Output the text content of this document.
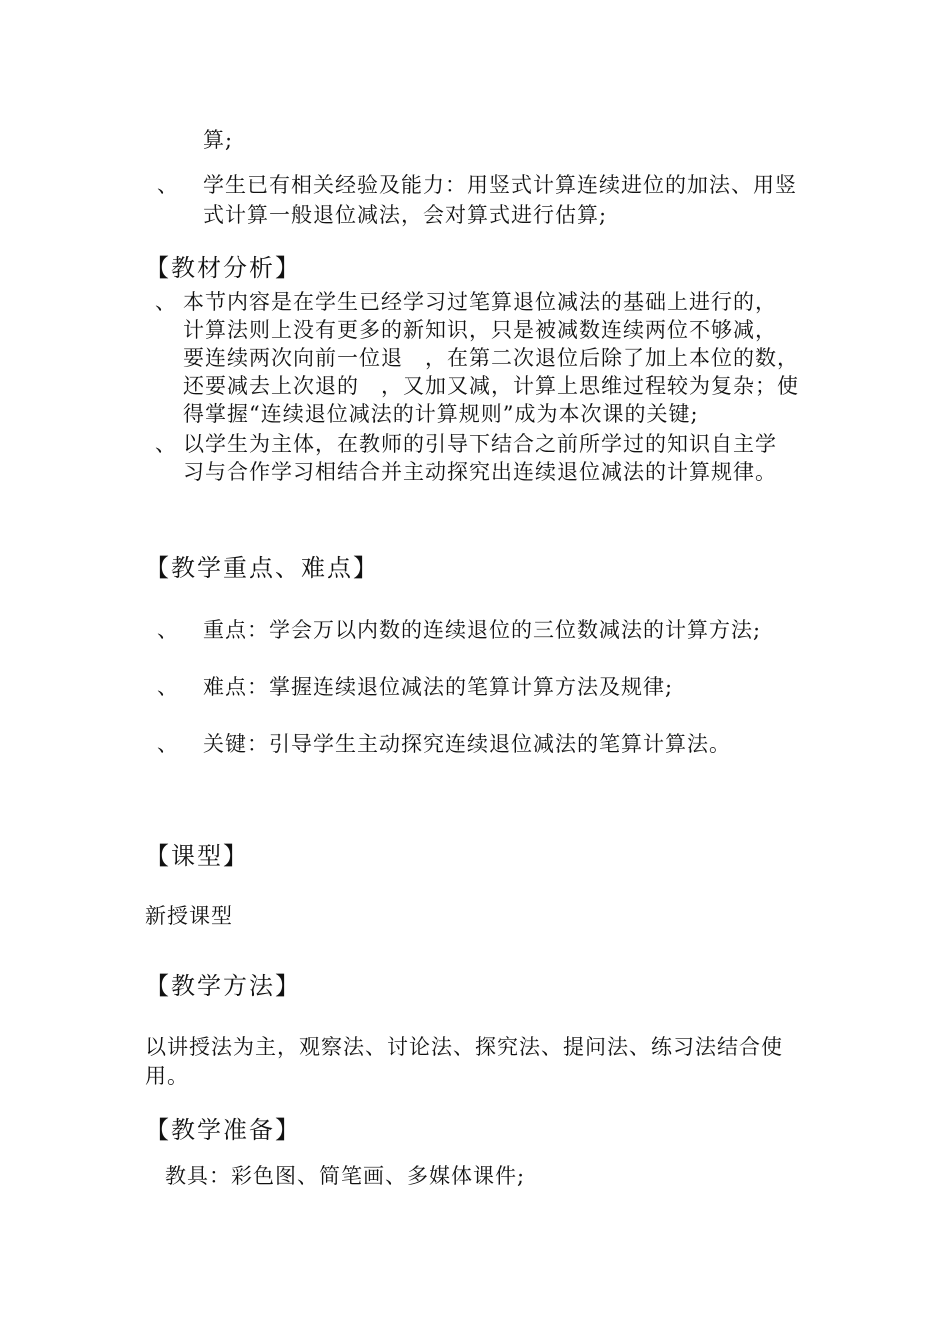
算;
、 学生已有相关经验及能力：用竖式计算连续进位的加法、用竖
式计算一般退位减法，会对算式进行估算;
【教材分析】
、 本节内容是在学生已经学习过笔算退位减法的基础上进行的，
计算法则上没有更多的新知识，只是被减数连续两位不够减，
要连续两次向前一位退　，在第二次退位后除了加上本位的数，
还要减去上次退的　，又加又减，计算上思维过程较为复杂；使
得掌握“连续退位减法的计算规则”成为本次课的关键;
、 以学生为主体，在教师的引导下结合之前所学过的知识自主学
习与合作学习相结合并主动探究出连续退位减法的计算规律。
【教学重点、难点】
、 重点：学会万以内数的连续退位的三位数减法的计算方法;
、 难点：掌握连续退位减法的笔算计算方法及规律;
、 关键：引导学生主动探究连续退位减法的笔算计算法。
【课型】
新授课型
【教学方法】
以讲授法为主，观察法、讨论法、探究法、提问法、练习法结合使
用。
【教学准备】
教具：彩色图、简笔画、多媒体课件;
